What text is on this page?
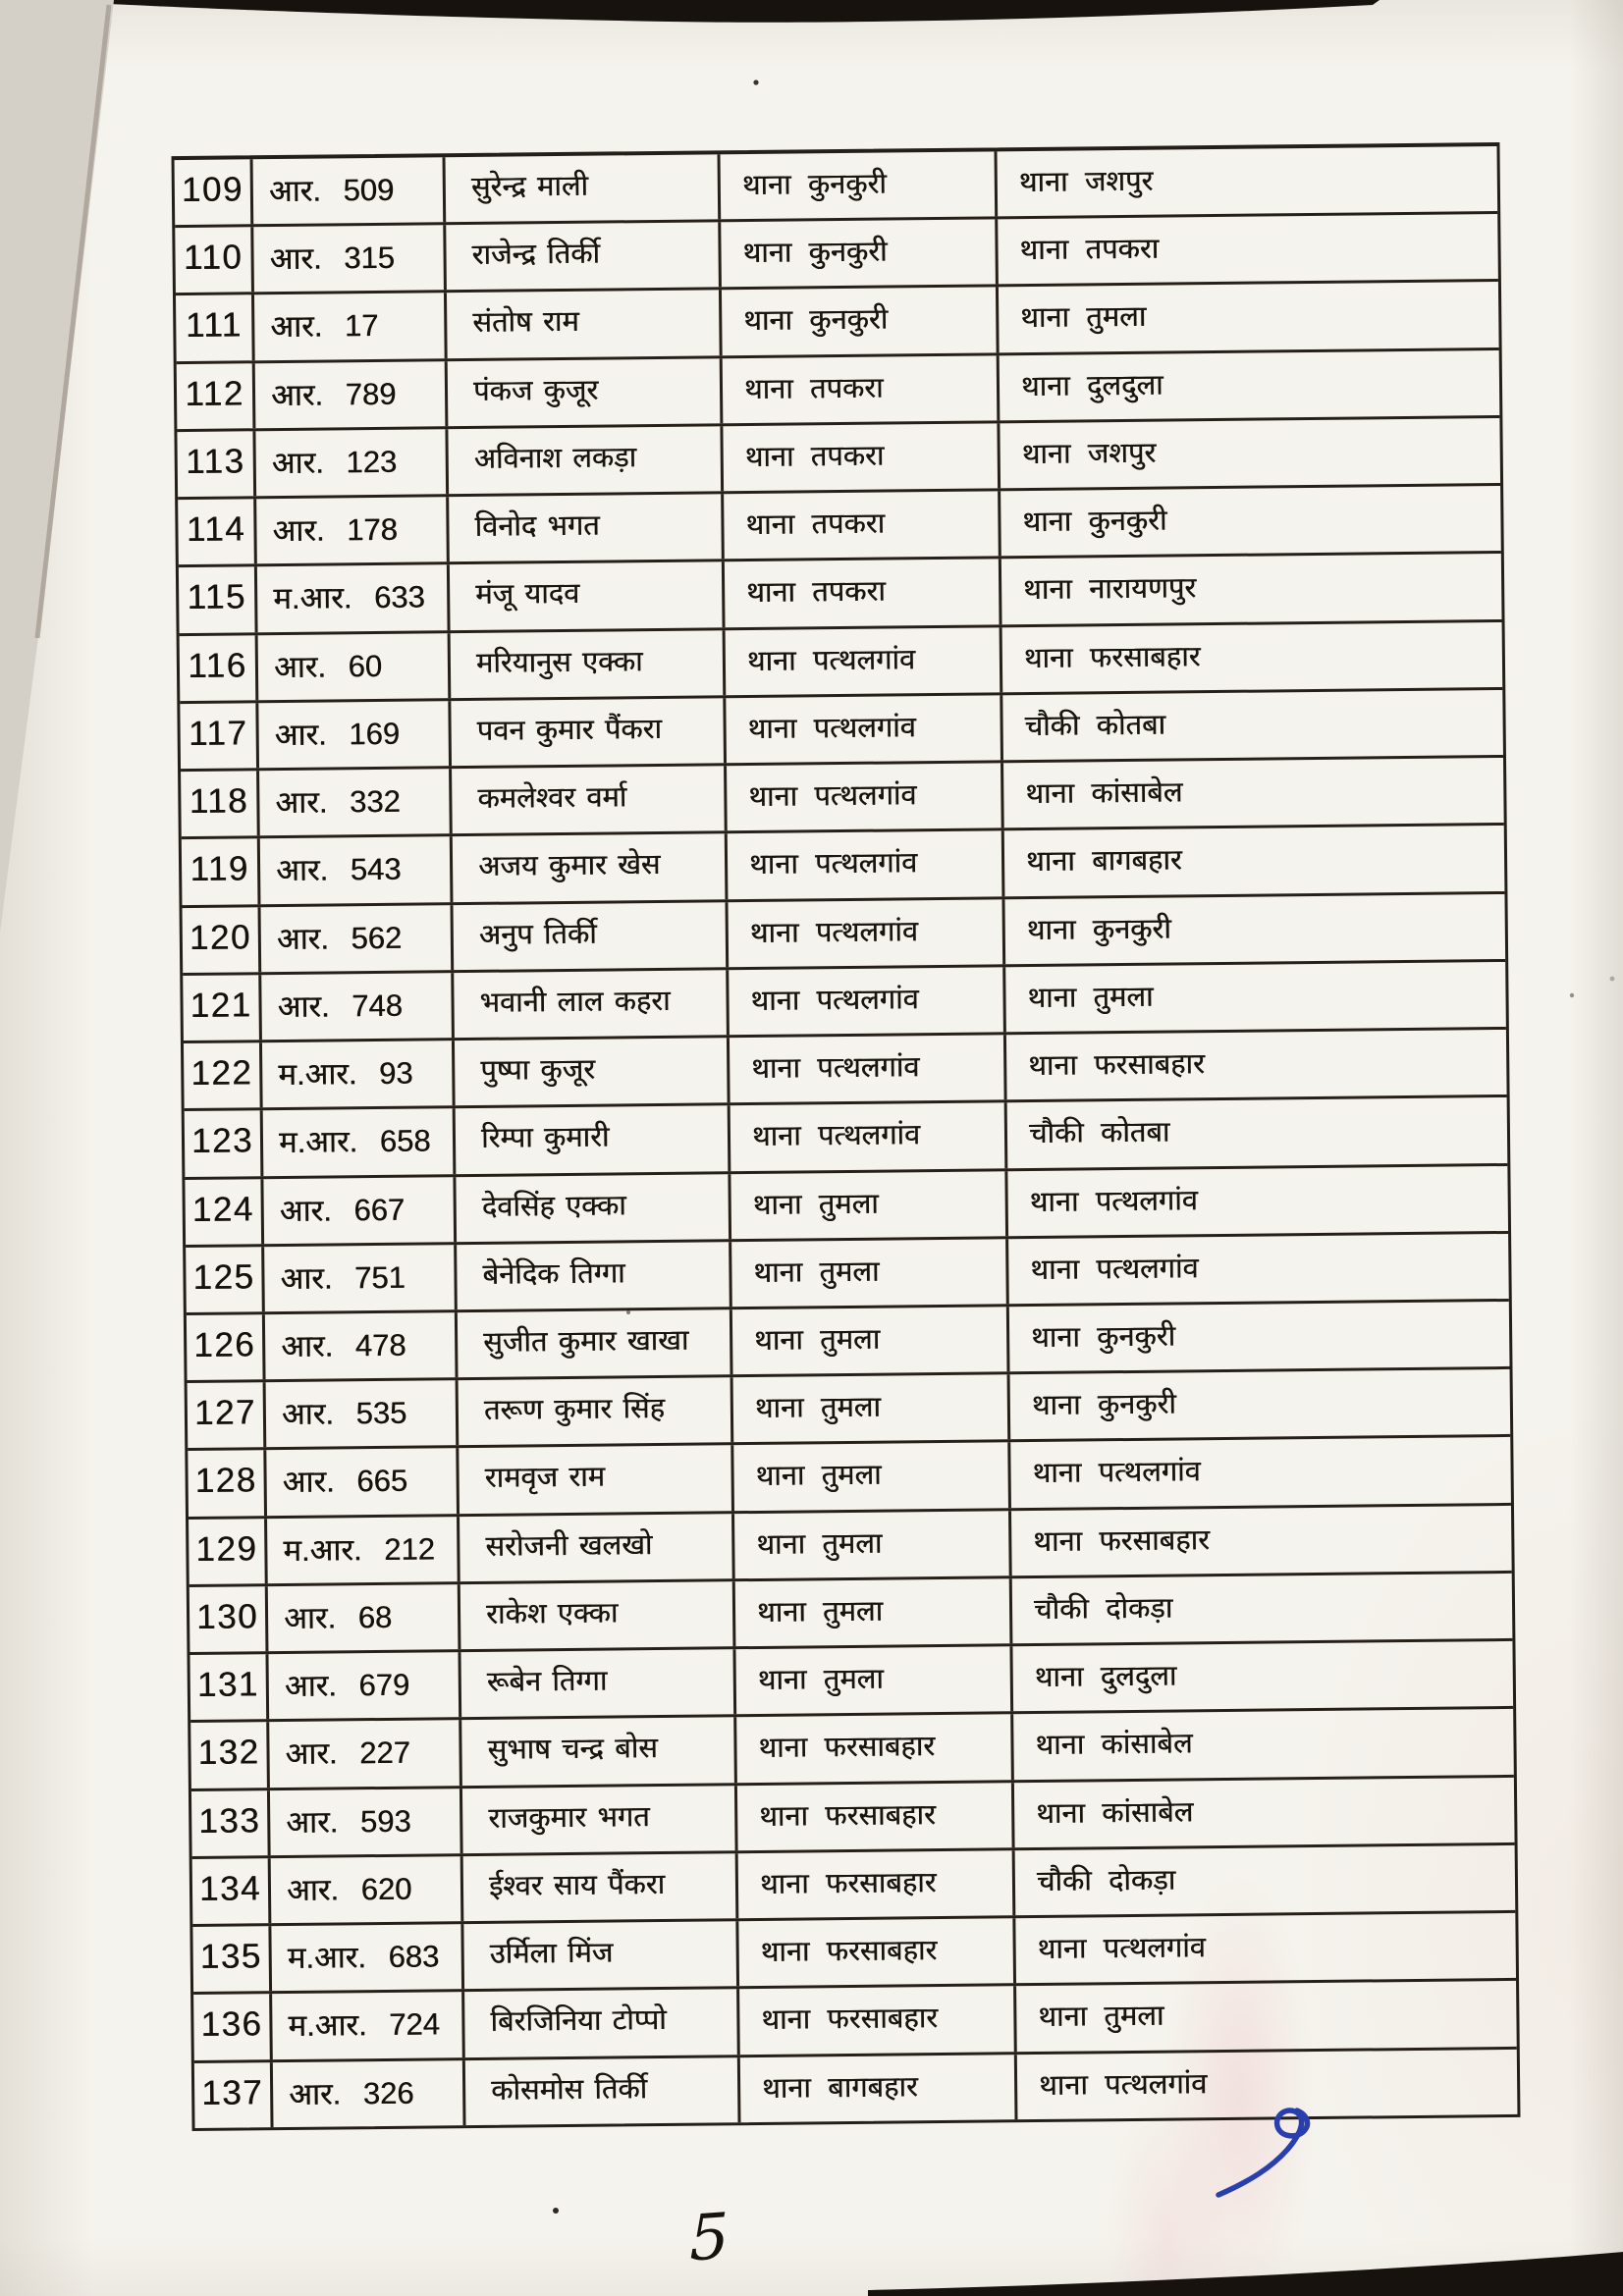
109 आर. 509	सुरेन्द्र माली	थाना कुनकुरी	थाना जशपुर
110 आर. 315	राजेन्द्र तिर्की	थाना कुनकुरी	थाना तपकरा
111 आर. 17	संतोष राम	थाना कुनकुरी	थाना तुमला
112 आर. 789	पंकज कुजूर	थाना तपकरा	थाना दुलदुला
113 आर. 123	अविनाश लकड़ा	थाना तपकरा	थाना जशपुर
114 आर. 178	विनोद भगत	थाना तपकरा	थाना कुनकुरी
115 म.आर. 633	मंजू यादव	थाना तपकरा	थाना नारायणपुर
116 आर. 60	मरियानुस एक्का	थाना पत्थलगांव	थाना फरसाबहार
117 आर. 169	पवन कुमार पैंकरा	थाना पत्थलगांव	चौकी कोतबा
118 आर. 332	कमलेश्वर वर्मा	थाना पत्थलगांव	थाना कांसाबेल
119 आर. 543	अजय कुमार खेस	थाना पत्थलगांव	थाना बागबहार
120 आर. 562	अनुप तिर्की	थाना पत्थलगांव	थाना कुनकुरी
121 आर. 748	भवानी लाल कहरा	थाना पत्थलगांव	थाना तुमला
122 म.आर. 93	पुष्पा कुजूर	थाना पत्थलगांव	थाना फरसाबहार
123 म.आर. 658	रिम्पा कुमारी	थाना पत्थलगांव	चौकी कोतबा
124 आर. 667	देवसिंह एक्का	थाना तुमला	थाना पत्थलगांव
125 आर. 751	बेनेदिक तिग्गा	थाना तुमला	थाना पत्थलगांव
126 आर. 478	सुजीत कुमार खाखा	थाना तुमला	थाना कुनकुरी
127 आर. 535	तरूण कुमार सिंह	थाना तुमला	थाना कुनकुरी
128 आर. 665	रामवृज राम	थाना तुमला	थाना पत्थलगांव
129 म.आर. 212	सरोजनी खलखो	थाना तुमला	थाना फरसाबहार
130 आर. 68	राकेश एक्का	थाना तुमला	चौकी दोकड़ा
131 आर. 679	रूबेन तिग्गा	थाना तुमला	थाना दुलदुला
132 आर. 227	सुभाष चन्द्र बोस	थाना फरसाबहार	थाना कांसाबेल
133 आर. 593	राजकुमार भगत	थाना फरसाबहार	थाना कांसाबेल
134 आर. 620	ईश्वर साय पैंकरा	थाना फरसाबहार	चौकी दोकड़ा
135 म.आर. 683	उर्मिला मिंज	थाना फरसाबहार	थाना पत्थलगांव
136 म.आर. 724	बिरजिनिया टोप्पो	थाना फरसाबहार	थाना तुमला
137 आर. 326	कोसमोस तिर्की	थाना बागबहार	थाना पत्थलगांव
5
